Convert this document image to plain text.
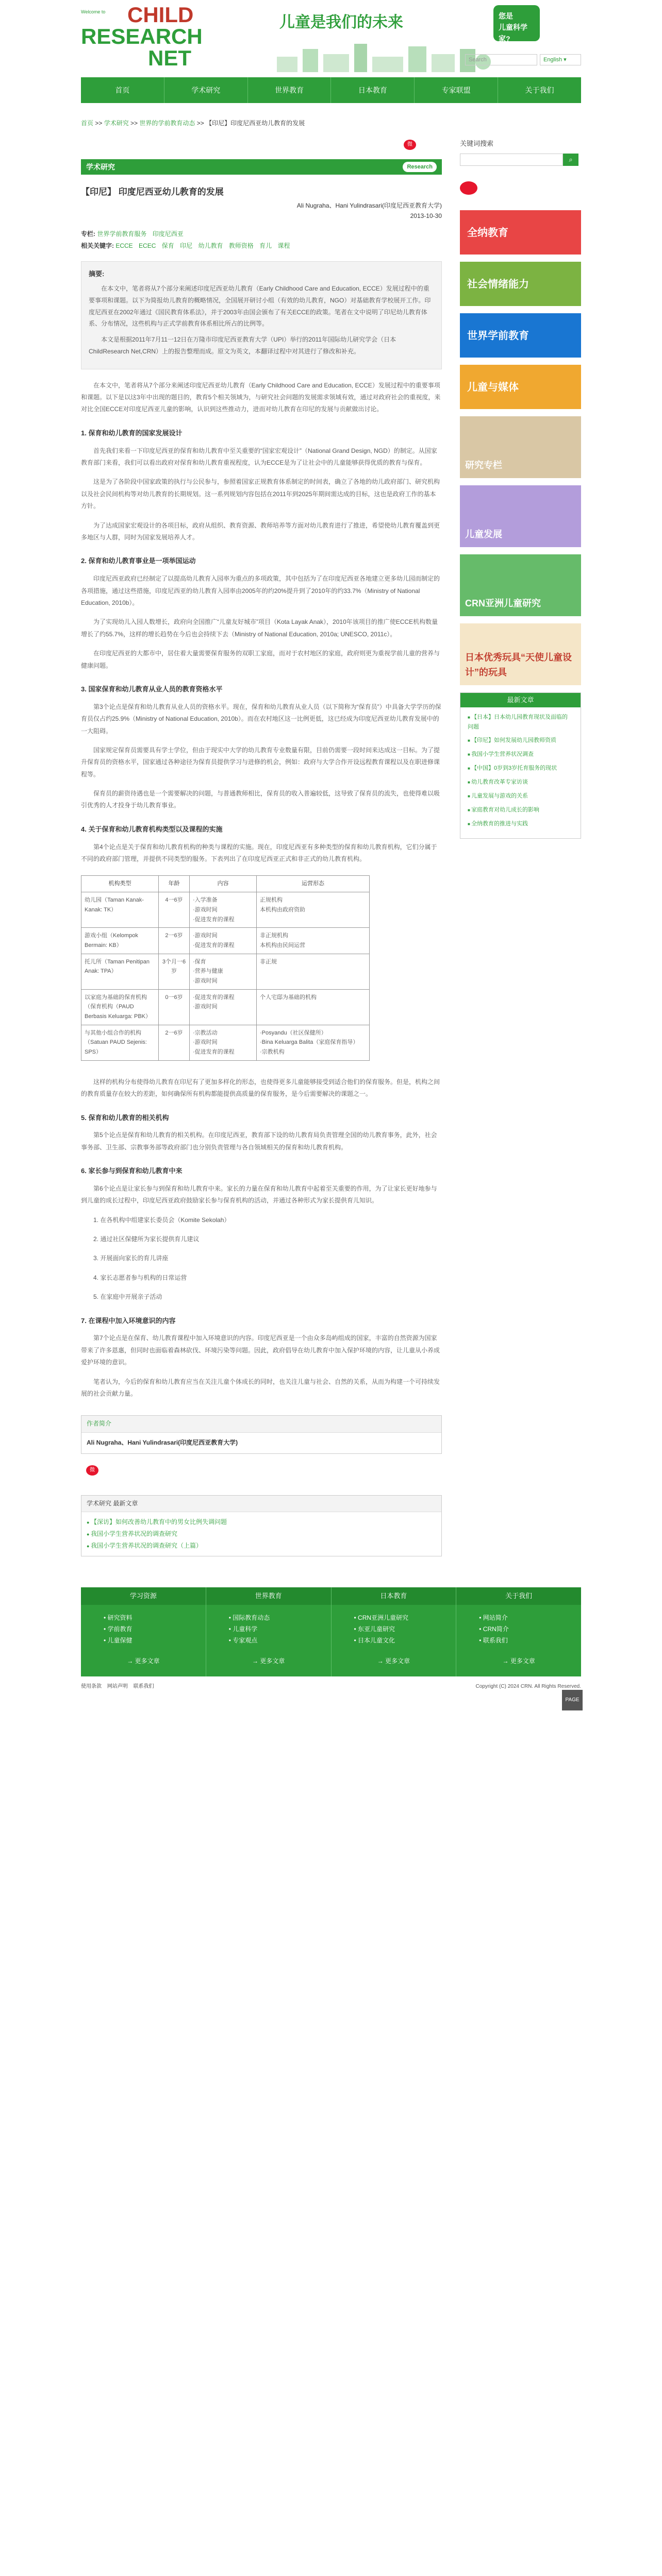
Welcome to	CHILD
RESEARCH
NET
儿童是我们的未来	您是
儿童科学家?
Search	English ▾
首页	学术研究	世界教育	日本教育	专家联盟	关于我们
首页 >> 学术研究 >> 世界的学前教育动态 >> 【印尼】印度尼西亚幼儿教育的发展
微
学术研究	Research
【印尼】 印度尼西亚幼儿教育的发展
Ali Nugraha、Hani Yulindrasari(印度尼西亚教育大学)
2013-10-30
专栏: 世界学前教育服务 印度尼西亚
相关关键字: ECCE ECEC 保育 印尼 幼儿教育 教师资格 育儿 课程
摘要:

在本文中，笔者将从7个部分来阐述印度尼西亚幼儿教育（Early Childhood Care and Education, ECCE）发展过程中的重要事项和课题。以下为简报幼儿教育的概略情况，全国展开研讨小组（有效的幼儿教育，NGO）对基础教育学校展开工作。印度尼西亚在2002年通过《国民教育体系法》，并于2003年由国会颁布了有关ECCE的政策。笔者在文中说明了印尼幼儿教育体系、分布情况，这些机构与正式学前教育体系相比所占的比例等。

本文是根据2011年7月11一12日在万隆市印度尼西亚教育大学（UPI）举行的2011年国际幼儿研究学会（日本ChildResearch Net,CRN）上的报告整理而成。原文为英文，本翻译过程中对其进行了修改和补充。

在本文中，笔者将从7个部分来阐述印度尼西亚幼儿教育（Early Childhood Care and Education, ECCE）发展过程中的重要事项和课题。以下是以这3年中出现的题目的，教育5个相关领域为，与研究社会问题的发展需求领域有效，通过对政府社会的重视度，来对比全国ECCE对印度尼西亚儿童的影响，认识到这些推动力，进而对幼儿教育在印尼的发展与贡献做出讨论。

1. 保育和幼儿教育的国家发展设计

首先我们来看一下印度尼西亚的保育和幼儿教育中至关重要的“国家宏观设计”（National Grand Design, NGD）的制定。从国家教育部门来看，我们可以看出政府对保育和幼儿教育重视程度，认为ECCE是为了让社会中的儿童能够获得优质的教育与保育。

这是为了各阶段中国家政策的执行与公民参与，参照着国家正规教育体系制定的时间表，确立了各地的幼儿政府部门、研究机构以及社会民间机构等对幼儿教育的长期规划。这一系列规划内容包括在2011年到2025年期间需达成的目标，这也是政府工作的基本方针。

为了达成国家宏观设计的各项目标，政府从组织、教育资源、教师培养等方面对幼儿教育进行了推进，希望使幼儿教育覆盖到更多地区与人群，同时为国家发展培养人才。

2. 保育和幼儿教育事业是一项举国运动

印度尼西亚政府已经制定了以提高幼儿教育入园率为重点的多项政策，其中包括为了在印度尼西亚各地建立更多幼儿园而制定的各项措施，通过这些措施，印度尼西亚的幼儿教育入园率由2005年的约20%提升到了2010年的约33.7%（Ministry of National Education, 2010b）。

为了实现幼儿入园人数增长，政府向全国推广“儿童友好城市”项目（Kota Layak Anak），2010年该项目的推广使ECCE机构数量增长了约55.7%，这样的增长趋势在今后也会持续下去（Ministry of National Education, 2010a; UNESCO, 2011c）。

在印度尼西亚的大都市中，居住着大量需要保育服务的双职工家庭，而对于农村地区的家庭，政府则更为重视学前儿童的营养与健康问题。

3. 国家保育和幼儿教育从业人员的教育资格水平

第3个论点是保育和幼儿教育从业人员的资格水平。现在，保育和幼儿教育从业人员（以下简称为“保育员”）中具备大学学历的保育员仅占约25.9%（Ministry of National Education, 2010b）。而在农村地区这一比例更低，这已经成为印度尼西亚幼儿教育发展中的一大阻碍。

国家规定保育员需要具有学士学位，但由于现实中大学的幼儿教育专业数量有限，目前仍需要一段时间来达成这一目标。为了提升保育员的资格水平，国家通过各种途径为保育员提供学习与进修的机会，例如：政府与大学合作开设远程教育课程以及在职进修课程等。

保育员的薪资待遇也是一个需要解决的问题，与普通教师相比，保育员的收入普遍较低，这导致了保育员的流失，也使得难以吸引优秀的人才投身于幼儿教育事业。

4. 关于保育和幼儿教育机构类型以及课程的实施

第4个论点是关于保育和幼儿教育机构的种类与课程的实施。现在，印度尼西亚有多种类型的保育和幼儿教育机构，它们分属于不同的政府部门管理，并提供不同类型的服务。下表列出了在印度尼西亚正式和非正式的幼儿教育机构。

机构类型	年龄	内容	运营形态
幼儿园（Taman Kanak-Kanak: TK）	4一6岁	·入学准备
·游戏时间
·促进发育的课程	正规机构
本机构由政府资助
游戏小组（Kelompok Bermain: KB）	2一6岁	·游戏时间
·促进发育的课程	非正规机构
本机构由民间运营
托儿所（Taman Penitipan Anak: TPA）	3个月一6岁	·保育
·营养与健康
·游戏时间	非正规
以家庭为基础的保育机构（保育机构（PAUD Berbasis Keluarga: PBK）	0一6岁	·促进发育的课程
·游戏时间	个人宅邸为基础的机构
与其他小组合作的机构（Satuan PAUD Sejenis: SPS）	2一6岁	·宗教活动
·游戏时间
·促进发育的课程	·Posyandu（社区保健所）
·Bina Keluarga Balita（家庭保育指导）
·宗教机构

这样的机构分布使得幼儿教育在印尼有了更加多样化的形态，也使得更多儿童能够接受到适合他们的保育服务。但是，机构之间的教育质量存在较大的差距，如何确保所有机构都能提供高质量的保育服务，是今后需要解决的课题之一。

5. 保育和幼儿教育的相关机构

第5个论点是保育和幼儿教育的相关机构。在印度尼西亚，教育部下设的幼儿教育局负责管理全国的幼儿教育事务，此外，社会事务部、卫生部、宗教事务部等政府部门也分别负责管理与各自领域相关的保育和幼儿教育机构。

6. 家长参与到保育和幼儿教育中来

第6个论点是让家长参与到保育和幼儿教育中来。家长的力量在保育和幼儿教育中起着至关重要的作用，为了让家长更好地参与到儿童的成长过程中，印度尼西亚政府鼓励家长参与保育机构的活动，并通过各种形式为家长提供育儿知识。

1. 在各机构中组建家长委员会（Komite Sekolah）

2. 通过社区保健所为家长提供育儿建议

3. 开展面向家长的育儿讲座

4. 家长志愿者参与机构的日常运营

5. 在家庭中开展亲子活动

7. 在课程中加入环境意识的内容

第7个论点是在保育、幼儿教育课程中加入环境意识的内容。印度尼西亚是一个由众多岛屿组成的国家，丰富的自然资源为国家带来了许多恩惠，但同时也面临着森林砍伐、环境污染等问题。因此，政府倡导在幼儿教育中加入保护环境的内容，让儿童从小养成爱护环境的意识。

笔者认为，今后的保育和幼儿教育应当在关注儿童个体成长的同时，也关注儿童与社会、自然的关系，从而为构建一个可持续发展的社会贡献力量。

作者简介
Ali Nugraha、Hani Yulindrasari(印度尼西亚教育大学)
微
学术研究 最新文章
● 【深访】如何改善幼儿教育中的男女比例失调问题
● 我国小学生营养状况的调查研究
● 我国小学生营养状况的调查研究（上篇）
关键词搜索
⌕
全纳教育
社会情绪能力
世界学前教育
儿童与媒体
研究专栏
儿童发展
CRN亚洲儿童研究
日本优秀玩具“天使儿童设计”的玩具
最新文章
■ 【日本】日本幼儿园教育现状及面临的问题
■ 【印尼】如何发展幼儿园教师资质
■ 我国小学生营养状况调查
■ 【中国】0岁到3岁托育服务的现状
■ 幼儿教育改革专家访谈
■ 儿童发展与游戏的关系
■ 家庭教育对幼儿成长的影响
■ 全纳教育的推进与实践
PAGE TOP
学习资源
• 研究资料
• 学前教育
• 儿童保健
→ 更多文章
世界教育
• 国际教育动态
• 儿童科学
• 专家观点
→ 更多文章
日本教育
• CRN亚洲儿童研究
• 东亚儿童研究
• 日本儿童文化
→ 更多文章
关于我们
• 网站简介
• CRN简介
• 联系我们
→ 更多文章
使用条款 网站声明 联系我们	Copyright (C) 2024 CRN. All Rights Reserved.
